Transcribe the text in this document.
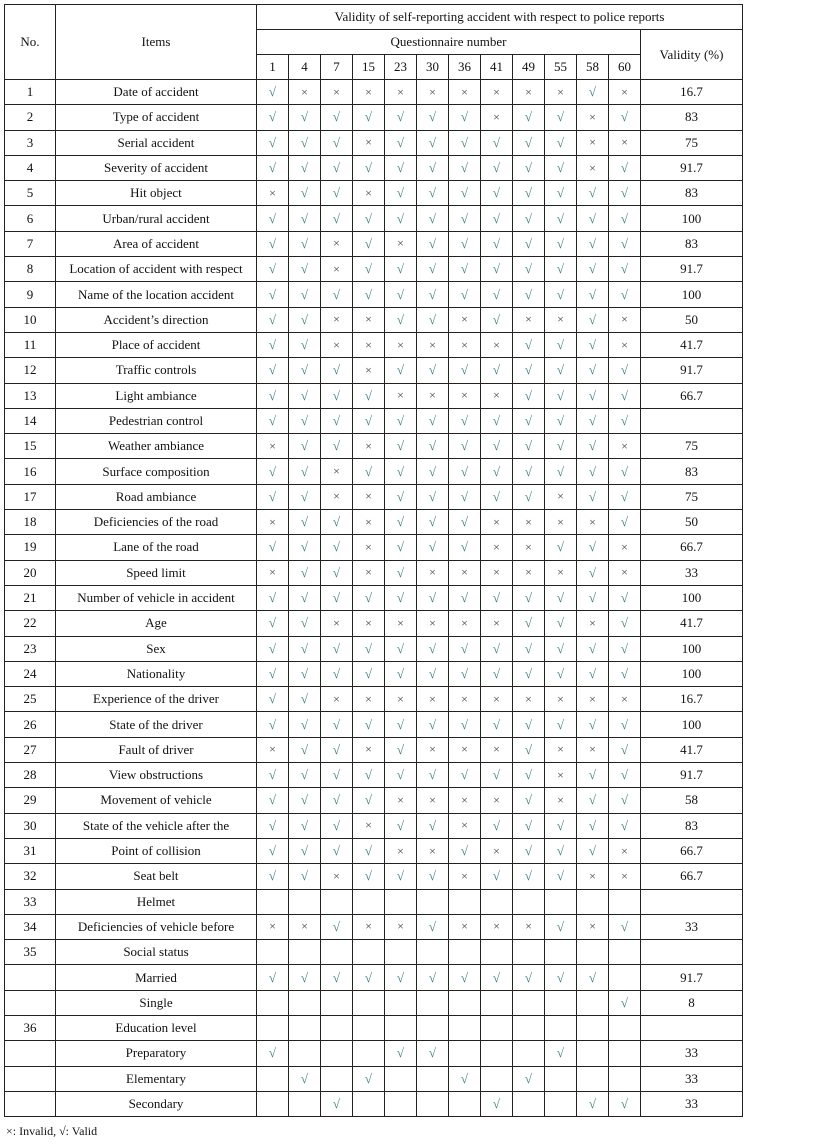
No.	Items	Validity of self-reporting accident with respect to police reports												
		Questionnaire number												Validity (%)
		1	4	7	15	23	30	36	41	49	55	58	60	
1	Date of accident	√	×	×	×	×	×	×	×	×	×	√	×	16.7
2	Type of accident	√	√	√	√	√	√	√	×	√	√	×	√	83
3	Serial accident	√	√	√	×	√	√	√	√	√	√	×	×	75
4	Severity of accident	√	√	√	√	√	√	√	√	√	√	×	√	91.7
5	Hit object	×	√	√	×	√	√	√	√	√	√	√	√	83
6	Urban/rural accident	√	√	√	√	√	√	√	√	√	√	√	√	100
7	Area of accident	√	√	×	√	×	√	√	√	√	√	√	√	83
8	Location of accident with respect	√	√	×	√	√	√	√	√	√	√	√	√	91.7
9	Name of the location accident	√	√	√	√	√	√	√	√	√	√	√	√	100
10	Accident’s direction	√	√	×	×	√	√	×	√	×	×	√	×	50
11	Place of accident	√	√	×	×	×	×	×	×	√	√	√	×	41.7
12	Traffic controls	√	√	√	×	√	√	√	√	√	√	√	√	91.7
13	Light ambiance	√	√	√	√	×	×	×	×	√	√	√	√	66.7
14	Pedestrian control	√	√	√	√	√	√	√	√	√	√	√	√	
15	Weather ambiance	×	√	√	×	√	√	√	√	√	√	√	×	75
16	Surface composition	√	√	×	√	√	√	√	√	√	√	√	√	83
17	Road ambiance	√	√	×	×	√	√	√	√	√	×	√	√	75
18	Deficiencies of the road	×	√	√	×	√	√	√	×	×	×	×	√	50
19	Lane of the road	√	√	√	×	√	√	√	×	×	√	√	×	66.7
20	Speed limit	×	√	√	×	√	×	×	×	×	×	√	×	33
21	Number of vehicle in accident	√	√	√	√	√	√	√	√	√	√	√	√	100
22	Age	√	√	×	×	×	×	×	×	√	√	×	√	41.7
23	Sex	√	√	√	√	√	√	√	√	√	√	√	√	100
24	Nationality	√	√	√	√	√	√	√	√	√	√	√	√	100
25	Experience of the driver	√	√	×	×	×	×	×	×	×	×	×	×	16.7
26	State of the driver	√	√	√	√	√	√	√	√	√	√	√	√	100
27	Fault of driver	×	√	√	×	√	×	×	×	√	×	×	√	41.7
28	View obstructions	√	√	√	√	√	√	√	√	√	×	√	√	91.7
29	Movement of vehicle	√	√	√	√	×	×	×	×	√	×	√	√	58
30	State of the vehicle after the	√	√	√	×	√	√	×	√	√	√	√	√	83
31	Point of collision	√	√	√	√	×	×	√	×	√	√	√	×	66.7
32	Seat belt	√	√	×	√	√	√	×	√	√	√	×	×	66.7
33	Helmet													
34	Deficiencies of vehicle before	×	×	√	×	×	√	×	×	×	√	×	√	33
35	Social status													
	Married	√	√	√	√	√	√	√	√	√	√	√		91.7
	Single												√	8
36	Education level													
	Preparatory	√				√	√				√			33
	Elementary		√		√			√		√				33
	Secondary			√					√			√	√	33
×: Invalid, √: Valid
